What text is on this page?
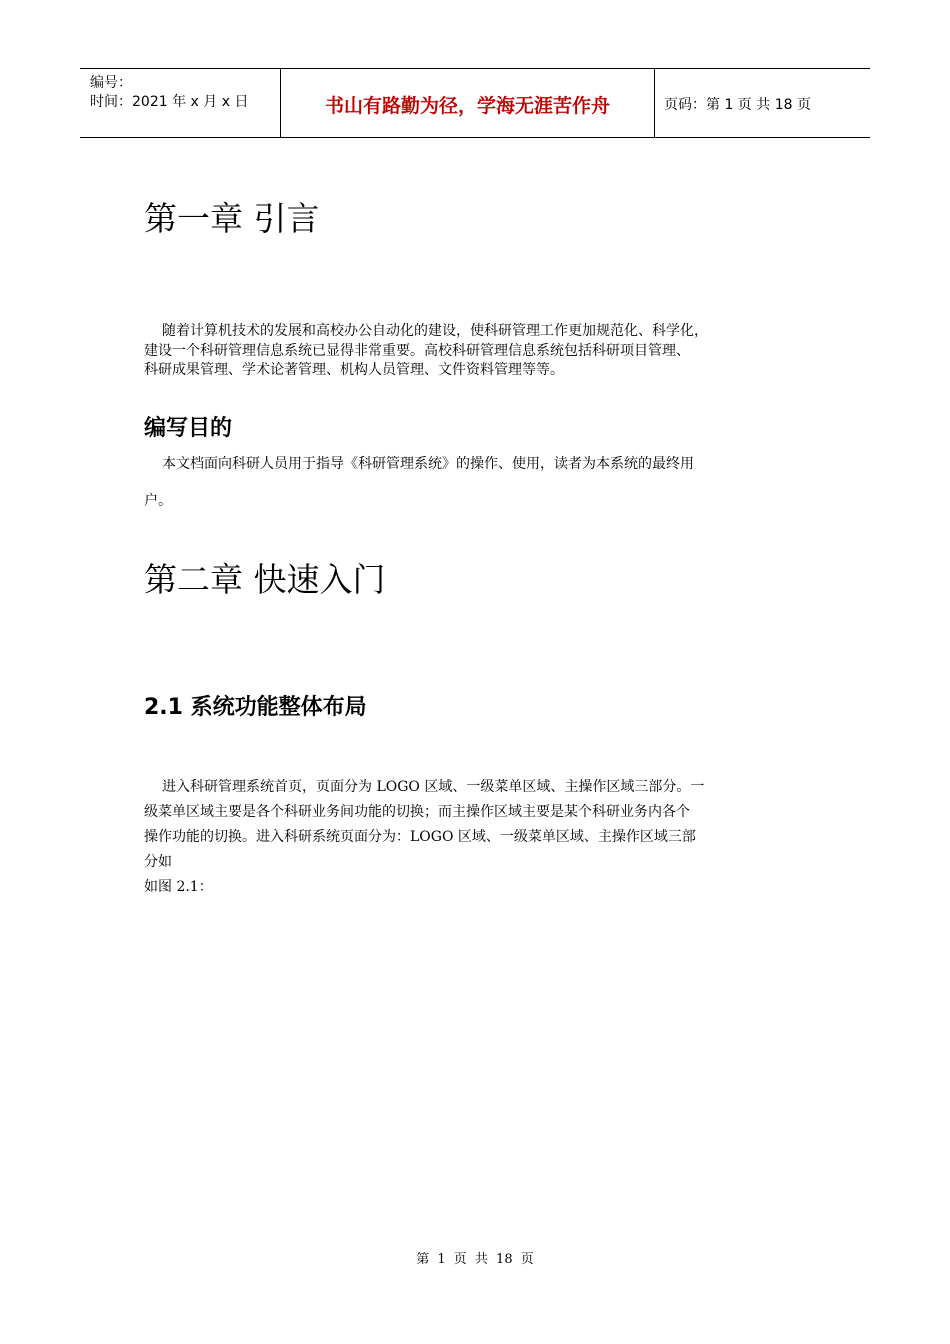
编号：
时间：2021 年 x 月 x 日	书山有路勤为径，学海无涯苦作舟	页码：第 1 页 共 18 页
第一章 引言
随着计算机技术的发展和高校办公自动化的建设，使科研管理工作更加规范化、科学化，
建设一个科研管理信息系统已显得非常重要。高校科研管理信息系统包括科研项目管理、
科研成果管理、学术论著管理、机构人员管理、文件资料管理等等。
编写目的
本文档面向科研人员用于指导《科研管理系统》的操作、使用，读者为本系统的最终用
户。
第二章 快速入门
2.1 系统功能整体布局
进入科研管理系统首页，页面分为 LOGO 区域、一级菜单区域、主操作区域三部分。一
级菜单区域主要是各个科研业务间功能的切换；而主操作区域主要是某个科研业务内各个
操作功能的切换。进入科研系统页面分为：LOGO 区域、一级菜单区域、主操作区域三部
分如
如图 2.1：
第 1 页 共 18 页
